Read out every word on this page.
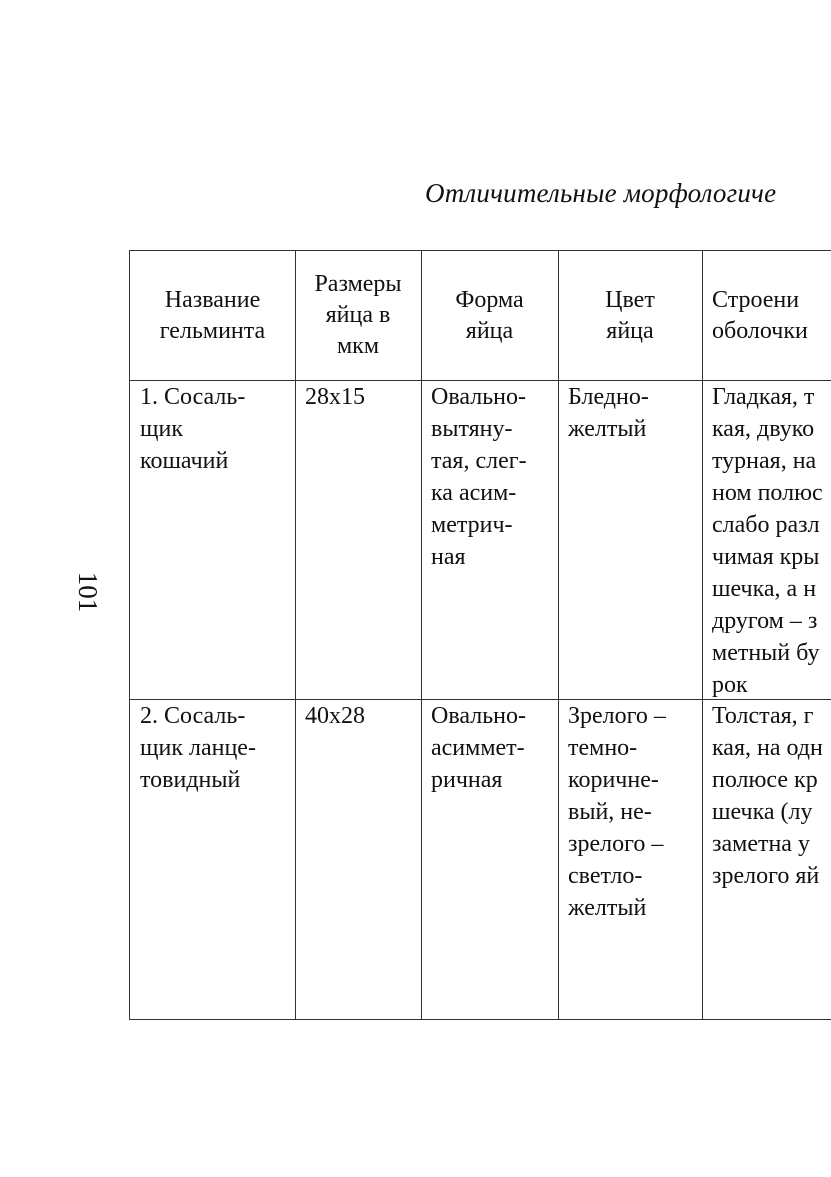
Отличительные морфологиче
101
Название
гельминта
Размеры
яйца в
мкм
Форма
яйца
Цвет
яйца
Строени
оболочки
1. Сосаль-
щик
кошачий
28х15	Овально-
вытяну-
тая, слег-
ка асим-
метрич-
ная
Бледно-
желтый
Гладкая, т
кая, двуко
турная, на
ном полюс
слабо разл
чимая кры
шечка, а н
другом – з
метный бу
рок
2. Сосаль-
щик ланце-
товидный
40х28	Овально-
асиммет-
ричная
Зрелого –
темно-
коричне-
вый, не-
зрелого –
светло-
желтый
Толстая, г
кая, на одн
полюсе кр
шечка (лу
заметна у
зрелого яй
